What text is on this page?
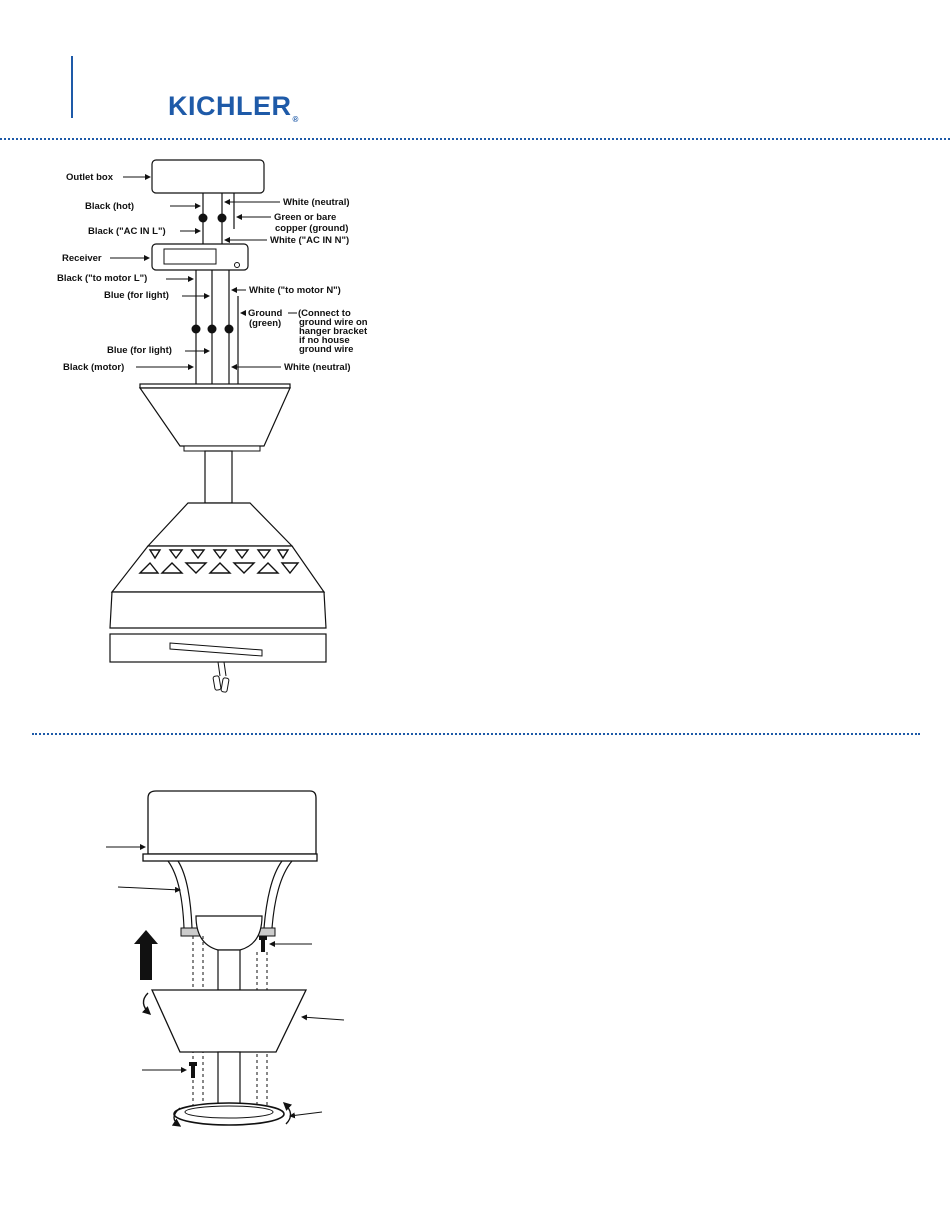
KICHLER®
Outlet box
Black (hot)	White (neutral)
Green or bare
copper (ground)
Black ("AC IN L")
White ("AC IN N")
Receiver
Black ("to motor L")
Blue (for light)	White ("to motor N")
Ground
(green)
(Connect to
ground wire on
hanger bracket
if no house
ground wire
Blue (for light)
Black (motor)	White (neutral)
